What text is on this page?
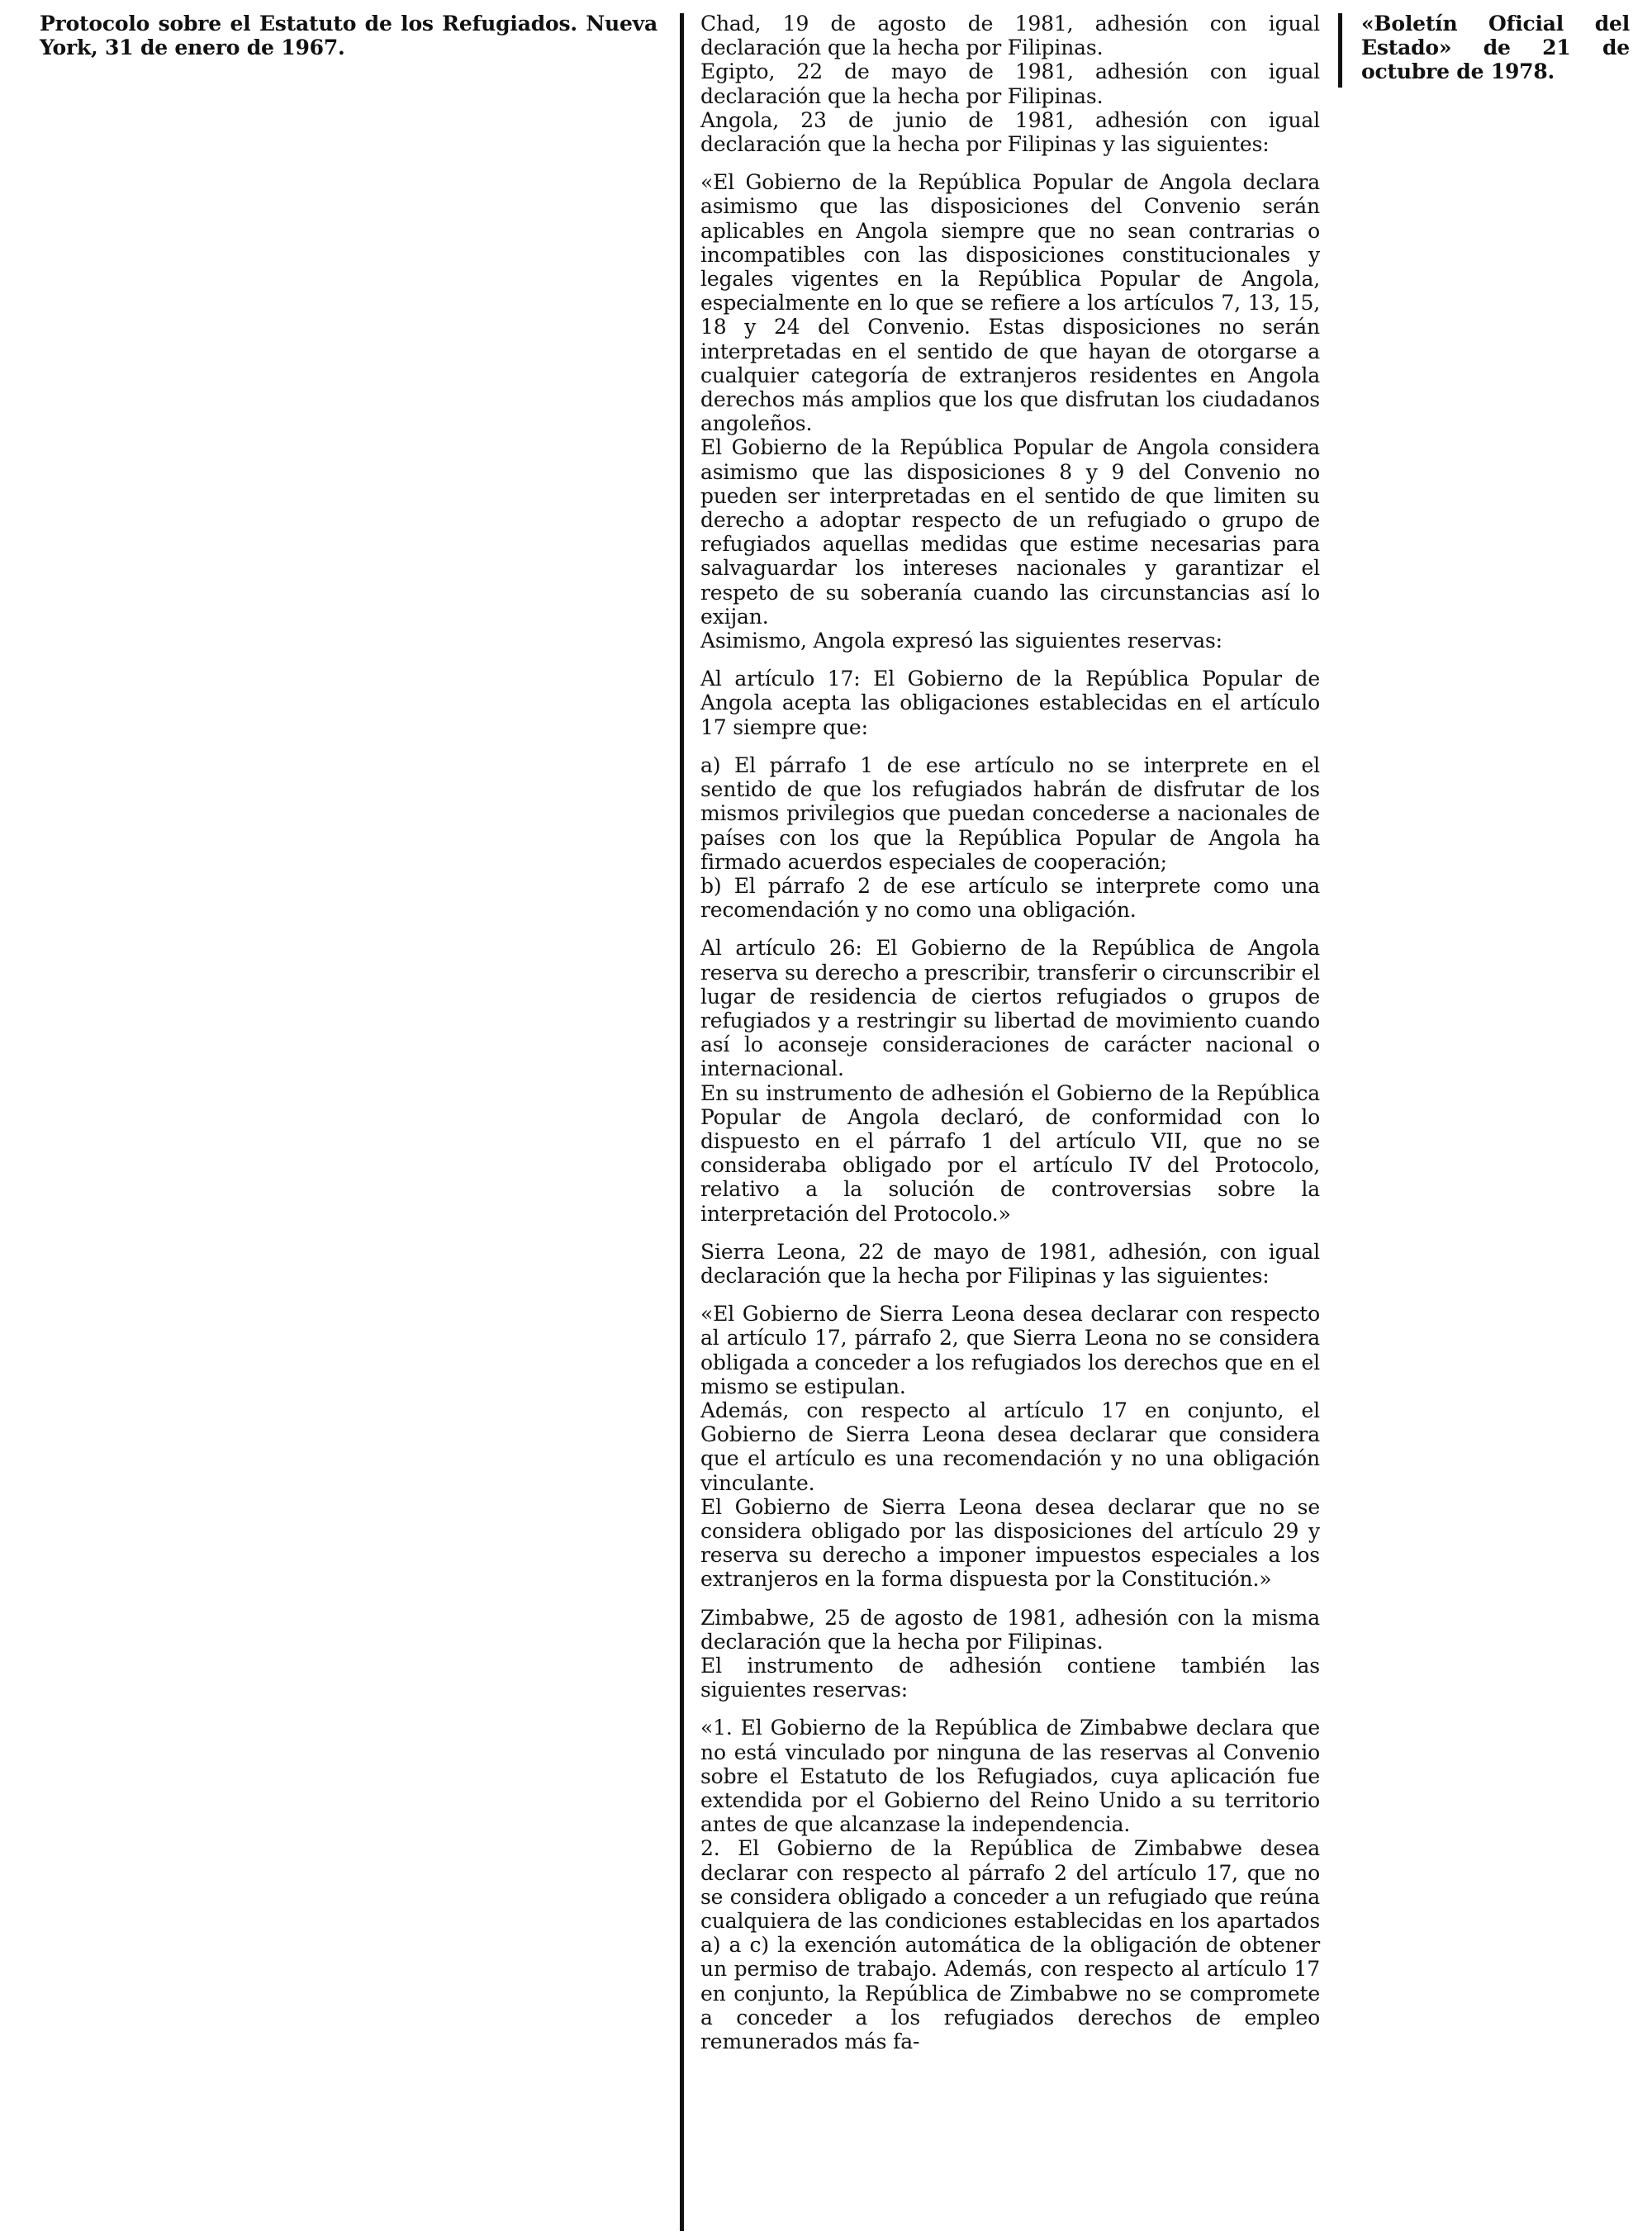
Protocolo sobre el Estatuto de los Refugiados. Nueva York, 31 de enero de 1967.

Chad, 19 de agosto de 1981, adhesión con igual declaración que la hecha por Filipinas.

Egipto, 22 de mayo de 1981, adhesión con igual declaración que la hecha por Filipinas.

Angola, 23 de junio de 1981, adhesión con igual declaración que la hecha por Filipinas y las siguientes:

«El Gobierno de la República Popular de Angola declara asimismo que las disposiciones del Convenio serán aplicables en Angola siempre que no sean contrarias o incompatibles con las disposiciones constitucionales y legales vigentes en la República Popular de Angola, especialmente en lo que se refiere a los artículos 7, 13, 15, 18 y 24 del Convenio. Estas disposiciones no serán interpretadas en el sentido de que hayan de otorgarse a cualquier categoría de extranjeros residentes en Angola derechos más amplios que los que disfrutan los ciudadanos angoleños.

El Gobierno de la República Popular de Angola considera asimismo que las disposiciones 8 y 9 del Convenio no pueden ser interpretadas en el sentido de que limiten su derecho a adoptar respecto de un refugiado o grupo de refugiados aquellas medidas que estime necesarias para salvaguardar los intereses nacionales y garantizar el respeto de su soberanía cuando las circunstancias así lo exijan.

Asimismo, Angola expresó las siguientes reservas:

Al artículo 17: El Gobierno de la República Popular de Angola acepta las obligaciones establecidas en el artículo 17 siempre que:

a) El párrafo 1 de ese artículo no se interprete en el sentido de que los refugiados habrán de disfrutar de los mismos privilegios que puedan concederse a nacionales de países con los que la República Popular de Angola ha firmado acuerdos especiales de cooperación;

b) El párrafo 2 de ese artículo se interprete como una recomendación y no como una obligación.

Al artículo 26: El Gobierno de la República de Angola reserva su derecho a prescribir, transferir o circunscribir el lugar de residencia de ciertos refugiados o grupos de refugiados y a restringir su libertad de movimiento cuando así lo aconseje consideraciones de carácter nacional o internacional.

En su instrumento de adhesión el Gobierno de la República Popular de Angola declaró, de conformidad con lo dispuesto en el párrafo 1 del artículo VII, que no se consideraba obligado por el artículo IV del Protocolo, relativo a la solución de controversias sobre la interpretación del Protocolo.»

Sierra Leona, 22 de mayo de 1981, adhesión, con igual declaración que la hecha por Filipinas y las siguientes:

«El Gobierno de Sierra Leona desea declarar con respecto al artículo 17, párrafo 2, que Sierra Leona no se considera obligada a conceder a los refugiados los derechos que en el mismo se estipulan.

Además, con respecto al artículo 17 en conjunto, el Gobierno de Sierra Leona desea declarar que considera que el artículo es una recomendación y no una obligación vinculante.

El Gobierno de Sierra Leona desea declarar que no se considera obligado por las disposiciones del artículo 29 y reserva su derecho a imponer impuestos especiales a los extranjeros en la forma dispuesta por la Constitución.»

Zimbabwe, 25 de agosto de 1981, adhesión con la misma declaración que la hecha por Filipinas.

El instrumento de adhesión contiene también las siguientes reservas:

«1. El Gobierno de la República de Zimbabwe declara que no está vinculado por ninguna de las reservas al Convenio sobre el Estatuto de los Refugiados, cuya aplicación fue extendida por el Gobierno del Reino Unido a su territorio antes de que alcanzase la independencia.

2. El Gobierno de la República de Zimbabwe desea declarar con respecto al párrafo 2 del artículo 17, que no se considera obligado a conceder a un refugiado que reúna cualquiera de las condiciones establecidas en los apartados a) a c) la exención automática de la obligación de obtener un permiso de trabajo. Además, con respecto al artículo 17 en conjunto, la República de Zimbabwe no se compromete a conceder a los refugiados derechos de empleo remunerados más fa-

«Boletín Oficial del Estado» de 21 de octubre de 1978.
